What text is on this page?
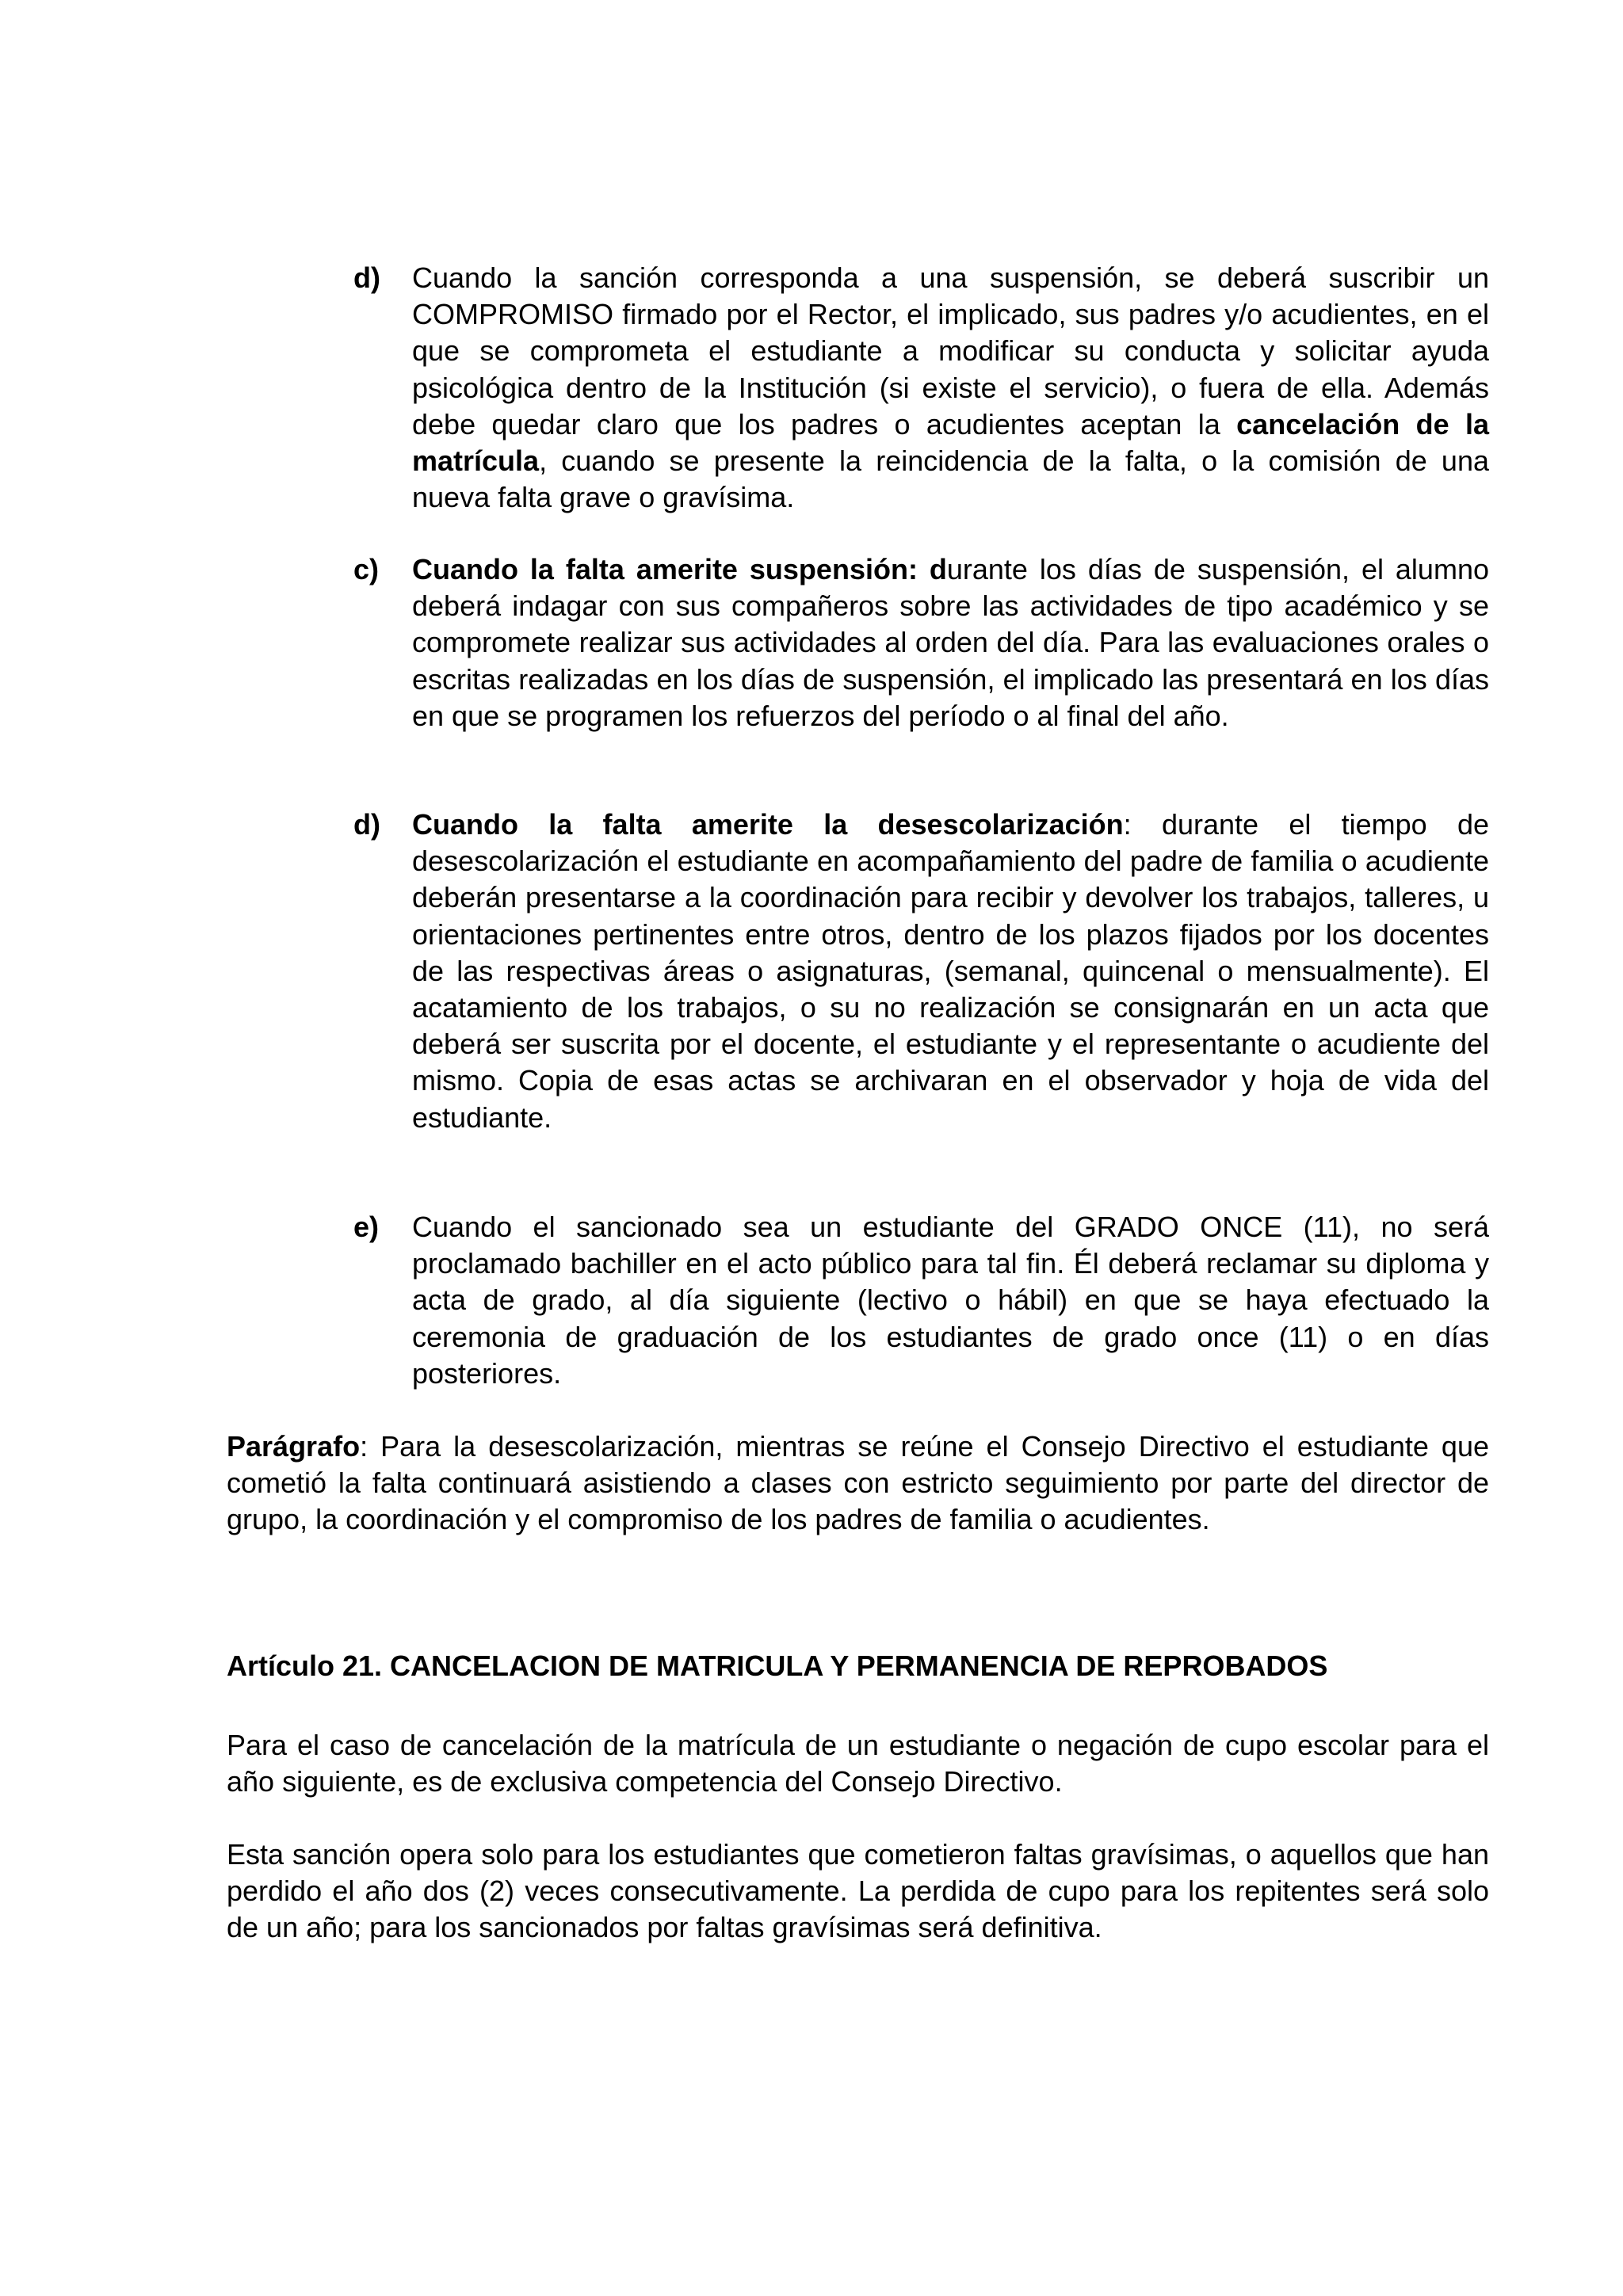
d)	Cuando la sanción corresponda a una suspensión, se deberá suscribir un COMPROMISO firmado por el Rector, el implicado, sus padres y/o acudientes, en el que se comprometa el estudiante a modificar su conducta y solicitar ayuda psicológica dentro de la Institución (si existe el servicio), o fuera de ella. Además debe quedar claro que los padres o acudientes aceptan la cancelación de la matrícula, cuando se presente la reincidencia de la falta, o la comisión de una nueva falta grave o gravísima.
c)	Cuando la falta amerite suspensión: durante los días de suspensión, el alumno deberá indagar con sus compañeros sobre las actividades de tipo académico y se compromete realizar sus actividades al orden del día. Para las evaluaciones orales o escritas realizadas en los días de suspensión, el implicado las presentará en los días en que se programen los refuerzos del período o al final del año.
d)	Cuando la falta amerite la desescolarización: durante el tiempo de desescolarización el estudiante en acompañamiento del padre de familia o acudiente deberán presentarse a la coordinación para recibir y devolver los trabajos, talleres, u orientaciones pertinentes entre otros, dentro de los plazos fijados por los docentes de las respectivas áreas o asignaturas, (semanal, quincenal o mensualmente). El acatamiento de los trabajos, o su no realización se consignarán en un acta que deberá ser suscrita por el docente, el estudiante y el representante o acudiente del mismo. Copia de esas actas se archivaran en el observador y hoja de vida del estudiante.
e)	Cuando el sancionado sea un estudiante del GRADO ONCE (11), no será proclamado bachiller en el acto público para tal fin. Él deberá reclamar su diploma y acta de grado, al día siguiente (lectivo o hábil) en que se haya efectuado la ceremonia de graduación de los estudiantes de grado once (11) o en días posteriores.
Parágrafo: Para la desescolarización, mientras se reúne el Consejo Directivo el estudiante que cometió la falta continuará asistiendo a clases con estricto seguimiento por parte del director de grupo, la coordinación y el compromiso de los padres de familia o acudientes.
Artículo 21. CANCELACION DE MATRICULA Y PERMANENCIA DE REPROBADOS
Para el caso de cancelación de la matrícula de un estudiante o negación de cupo escolar para el año siguiente, es de exclusiva competencia del Consejo Directivo.
Esta sanción opera solo para los estudiantes que cometieron faltas gravísimas, o aquellos que han perdido el año dos (2) veces consecutivamente. La perdida de cupo para los repitentes será solo de un año; para los sancionados por faltas gravísimas será definitiva.
